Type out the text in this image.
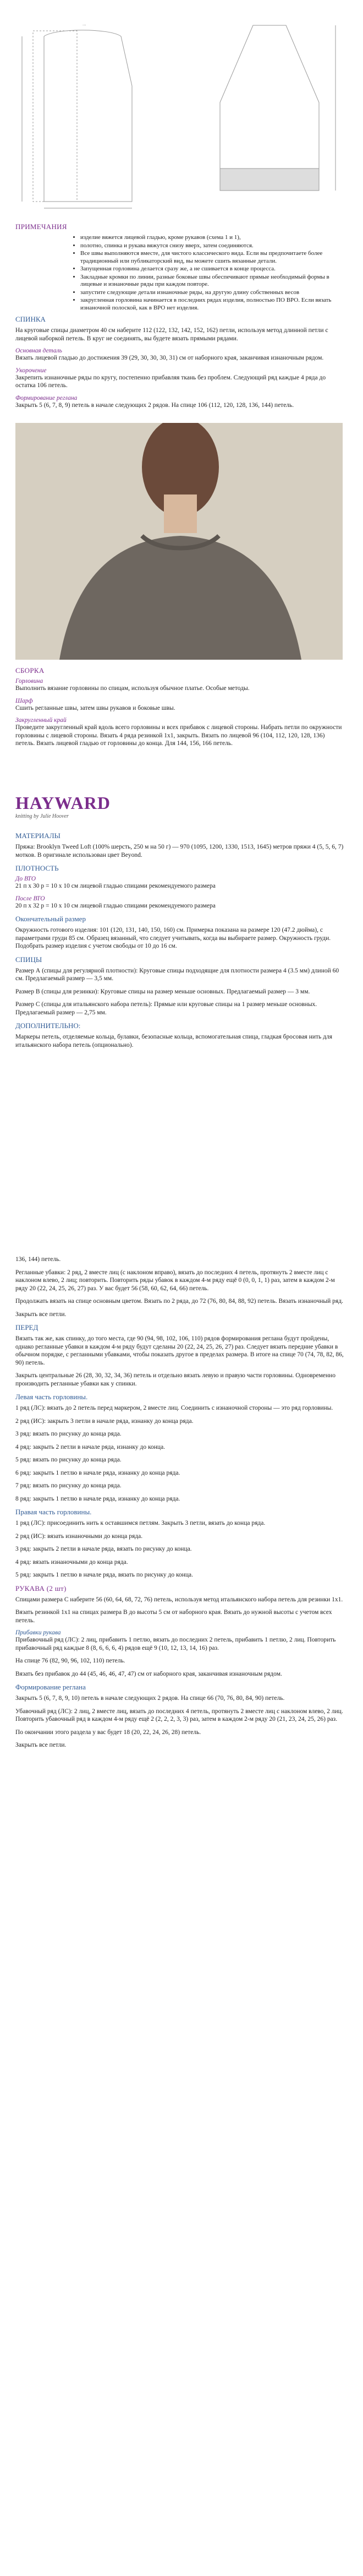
...
ПРИМЕЧАНИЯ
• изделие вяжется лицевой гладью, кроме рукавов (схема 1 и 1),
• полотно, спинка и рукава вяжутся снизу вверх, затем соединяются.
• Все швы выполняются вместе, для чистого классического вида. Если вы предпочитаете более традиционный или публикаторский вид, вы можете сшить вязанные детали.
• Запущенная горловина делается сразу же, а не сшивается в конце процесса.
• Закладные кромки по линии, разные боковые швы обеспечивают прямые необходимый формы в лицевые и изнаночные ряды при каждом повторе.
• запустите следующие детали изнаночные ряды, на другую длину собственных весов
• закругленная горловина начинается в последних рядах изделия, полностью ПО ВРО. Если вязать изнаночной полоской, как в ВРО нет изделия.
СПИНКА

На круговые спицы диаметром 40 см наберите 112 (122, 132, 142, 152, 162) петли, используя метод длинной петли с лицевой наборкой петель. В круг не соединять, вы будете вязать прямыми рядами.

Основная деталь

Вязать лицевой гладью до достижения 39 (29, 30, 30, 30, 31) см от наборного края, заканчивая изнаночным рядом.

Укорочение

Закрепить изнаночные ряды по кругу, постепенно прибавляя ткань без проблем. Следующий ряд каждые 4 ряда до остатка 106 петель.

Формирование реглана

Закрыть 5 (6, 7, 8, 9) петель в начале следующих 2 рядов. На спице 106 (112, 120, 128, 136, 144) петель.

СБОРКА
Горловина

Выполнить вязание горловины по спицам, используя обычное платье. Особые методы.

Шарф

Сшить регланные швы, затем швы рукавов и боковые швы.

Закругленный край

Проведите закругленный край вдоль всего горловины и всех прибавок с лицевой стороны. Набрать петли по окружности горловины с лицевой стороны. Вязать 4 ряда резинкой 1x1, закрыть. Вязать по лицевой 96 (104, 112, 120, 128, 136) петель. Вязать лицевой гладью от горловины до конца. Для 144, 156, 166 петель.

HAYWARD
knitting by Julie Hoover
МАТЕРИАЛЫ

Пряжа: Brooklyn Tweed Loft (100% шерсть, 250 м на 50 г) — 970 (1095, 1200, 1330, 1513, 1645) метров пряжи 4 (5, 5, 6, 7) мотков. В оригинале использован цвет Beyond.

ПЛОТНОСТЬ
До ВТО

21 п x 30 р = 10 x 10 см лицевой гладью спицами рекомендуемого размера

После ВТО

20 п x 32 р = 10 x 10 см лицевой гладью спицами рекомендуемого размера

Окончательный размер

Окружность готового изделия: 101 (120, 131, 140, 150, 160) см. Примерка показана на размере 120 (47.2 дюйма), с параметрами груди 85 см. Образец вязанный, что следует учитывать, когда вы выбираете размер. Окружность груди. Подобрать размер изделия с учетом свободы от 10 до 16 см.

СПИЦЫ

Размер А (спицы для регулярной плотности): Круговые спицы подходящие для плотности размера 4 (3.5 мм) длиной 60 см. Предлагаемый размер — 3,5 мм.

Размер В (спицы для резинки): Круговые спицы на размер меньше основных. Предлагаемый размер — 3 мм.

Размер С (спицы для итальянского набора петель): Прямые или круговые спицы на 1 размер меньше основных. Предлагаемый размер — 2,75 мм.

ДОПОЛНИТЕЛЬНО:

Маркеры петель, отделяемые кольца, булавки, безопасные кольца, вспомогательная спица, гладкая бросовая нить для итальянского набора петель (опционально).

136, 144) петель.

Регланные убавки: 2 ряд, 2 вместе лиц (с наклоном вправо), вязать до последних 4 петель, протянуть 2 вместе лиц с наклоном влево, 2 лиц; повторить. Повторить ряды убавок в каждом 4-м ряду ещё 0 (0, 0, 1, 1) раз, затем в каждом 2-м ряду 20 (22, 24, 25, 26, 27) раз. У вас будет 56 (58, 60, 62, 64, 66) петель.

Продолжать вязать на спице основным цветом. Вязать по 2 ряда, до 72 (76, 80, 84, 88, 92) петель. Вязать изнаночный ряд.

Закрыть все петли.

ПЕРЕД

Вязать так же, как спинку, до того места, где 90 (94, 98, 102, 106, 110) рядов формирования реглана будут пройдены, однако регланные убавки в каждом 4-м ряду будут сделаны 20 (22, 24, 25, 26, 27) раз. Следует вязать передние убавки в обычном порядке, с регланными убавками, чтобы показать другое в пределах размера. В итоге на спице 70 (74, 78, 82, 86, 90) петель.

Закрыть центральные 26 (28, 30, 32, 34, 36) петель и отдельно вязать левую и правую части горловины. Одновременно производить регланные убавки как у спинки.

Левая часть горловины.

1 ряд (ЛС): вязать до 2 петель перед маркером, 2 вместе лиц. Соединить с изнаночной стороны — это ряд горловины.

2 ряд (ИС): закрыть 3 петли в начале ряда, изнанку до конца ряда.

3 ряд: вязать по рисунку до конца ряда.

4 ряд: закрыть 2 петли в начале ряда, изнанку до конца.

5 ряд: вязать по рисунку до конца ряда.

6 ряд: закрыть 1 петлю в начале ряда, изнанку до конца ряда.

7 ряд: вязать по рисунку до конца ряда.

8 ряд: закрыть 1 петлю в начале ряда, изнанку до конца ряда.

Правая часть горловины.

1 ряд (ЛС): присоединить нить к оставшимся петлям. Закрыть 3 петли, вязать до конца ряда.

2 ряд (ИС): вязать изнаночными до конца ряда.

3 ряд: закрыть 2 петли в начале ряда, вязать по рисунку до конца.

4 ряд: вязать изнаночными до конца ряда.

5 ряд: закрыть 1 петлю в начале ряда, вязать по рисунку до конца.

РУКАВА (2 шт)

Спицами размера C наберите 56 (60, 64, 68, 72, 76) петель, используя метод итальянского набора петель для резинки 1x1.

Вязать резинкой 1x1 на спицах размера B до высоты 5 см от наборного края. Вязать до нужной высоты с учетом всех петель.

Прибавки рукава

Прибавочный ряд (ЛС): 2 лиц, прибавить 1 петлю, вязать до последних 2 петель, прибавить 1 петлю, 2 лиц. Повторить прибавочный ряд каждые 8 (8, 6, 6, 6, 4) рядов ещё 9 (10, 12, 13, 14, 16) раз.

На спице 76 (82, 90, 96, 102, 110) петель.

Вязать без прибавок до 44 (45, 46, 46, 47, 47) см от наборного края, заканчивая изнаночным рядом.

Формирование реглана

Закрыть 5 (6, 7, 8, 9, 10) петель в начале следующих 2 рядов. На спице 66 (70, 76, 80, 84, 90) петель.

Убавочный ряд (ЛС): 2 лиц, 2 вместе лиц, вязать до последних 4 петель, протянуть 2 вместе лиц с наклоном влево, 2 лиц. Повторить убавочный ряд в каждом 4-м ряду ещё 2 (2, 2, 2, 3, 3) раз, затем в каждом 2-м ряду 20 (21, 23, 24, 25, 26) раз.

По окончании этого раздела у вас будет 18 (20, 22, 24, 26, 28) петель.

Закрыть все петли.
